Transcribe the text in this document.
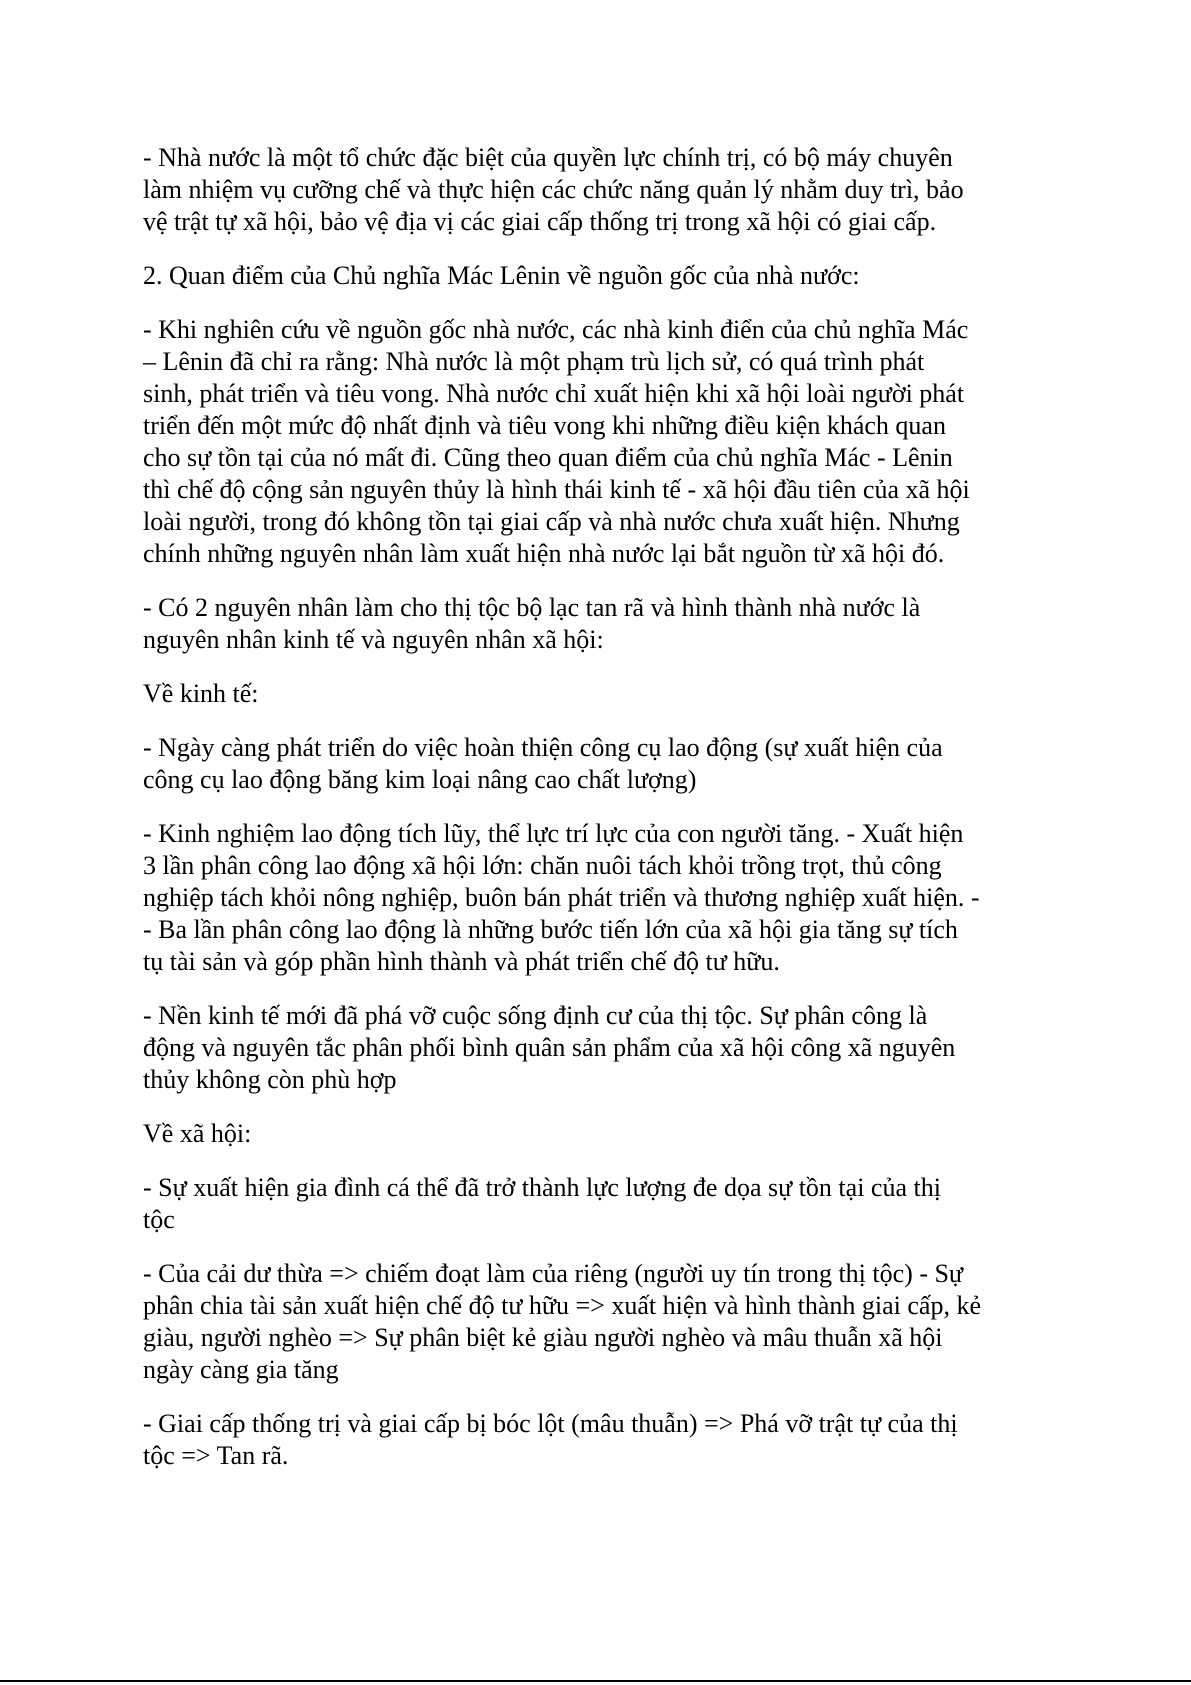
- Nhà nước là một tổ chức đặc biệt của quyền lực chính trị, có bộ máy chuyên
làm nhiệm vụ cưỡng chế và thực hiện các chức năng quản lý nhằm duy trì, bảo
vệ trật tự xã hội, bảo vệ địa vị các giai cấp thống trị trong xã hội có giai cấp.

2. Quan điểm của Chủ nghĩa Mác Lênin về nguồn gốc của nhà nước:

- Khi nghiên cứu về nguồn gốc nhà nước, các nhà kinh điển của chủ nghĩa Mác
– Lênin đã chỉ ra rằng: Nhà nước là một phạm trù lịch sử, có quá trình phát
sinh, phát triển và tiêu vong. Nhà nước chỉ xuất hiện khi xã hội loài người phát
triển đến một mức độ nhất định và tiêu vong khi những điều kiện khách quan
cho sự tồn tại của nó mất đi. Cũng theo quan điểm của chủ nghĩa Mác - Lênin
thì chế độ cộng sản nguyên thủy là hình thái kinh tế - xã hội đầu tiên của xã hội
loài người, trong đó không tồn tại giai cấp và nhà nước chưa xuất hiện. Nhưng
chính những nguyên nhân làm xuất hiện nhà nước lại bắt nguồn từ xã hội đó.

- Có 2 nguyên nhân làm cho thị tộc bộ lạc tan rã và hình thành nhà nước là
nguyên nhân kinh tế và nguyên nhân xã hội:

Về kinh tế:

- Ngày càng phát triển do việc hoàn thiện công cụ lao động (sự xuất hiện của
công cụ lao động băng kim loại nâng cao chất lượng)

- Kinh nghiệm lao động tích lũy, thể lực trí lực của con người tăng. - Xuất hiện
3 lần phân công lao động xã hội lớn: chăn nuôi tách khỏi trồng trọt, thủ công
nghiệp tách khỏi nông nghiệp, buôn bán phát triển và thương nghiệp xuất hiện. -
- Ba lần phân công lao động là những bước tiến lớn của xã hội gia tăng sự tích
tụ tài sản và góp phần hình thành và phát triển chế độ tư hữu.

- Nền kinh tế mới đã phá vỡ cuộc sống định cư của thị tộc. Sự phân công là
động và nguyên tắc phân phối bình quân sản phẩm của xã hội công xã nguyên
thủy không còn phù hợp

Về xã hội:

- Sự xuất hiện gia đình cá thể đã trở thành lực lượng đe dọa sự tồn tại của thị
tộc

- Của cải dư thừa => chiếm đoạt làm của riêng (người uy tín trong thị tộc) - Sự
phân chia tài sản xuất hiện chế độ tư hữu => xuất hiện và hình thành giai cấp, kẻ
giàu, người nghèo => Sự phân biệt kẻ giàu người nghèo và mâu thuẫn xã hội
ngày càng gia tăng

- Giai cấp thống trị và giai cấp bị bóc lột (mâu thuẫn) => Phá vỡ trật tự của thị
tộc => Tan rã.
